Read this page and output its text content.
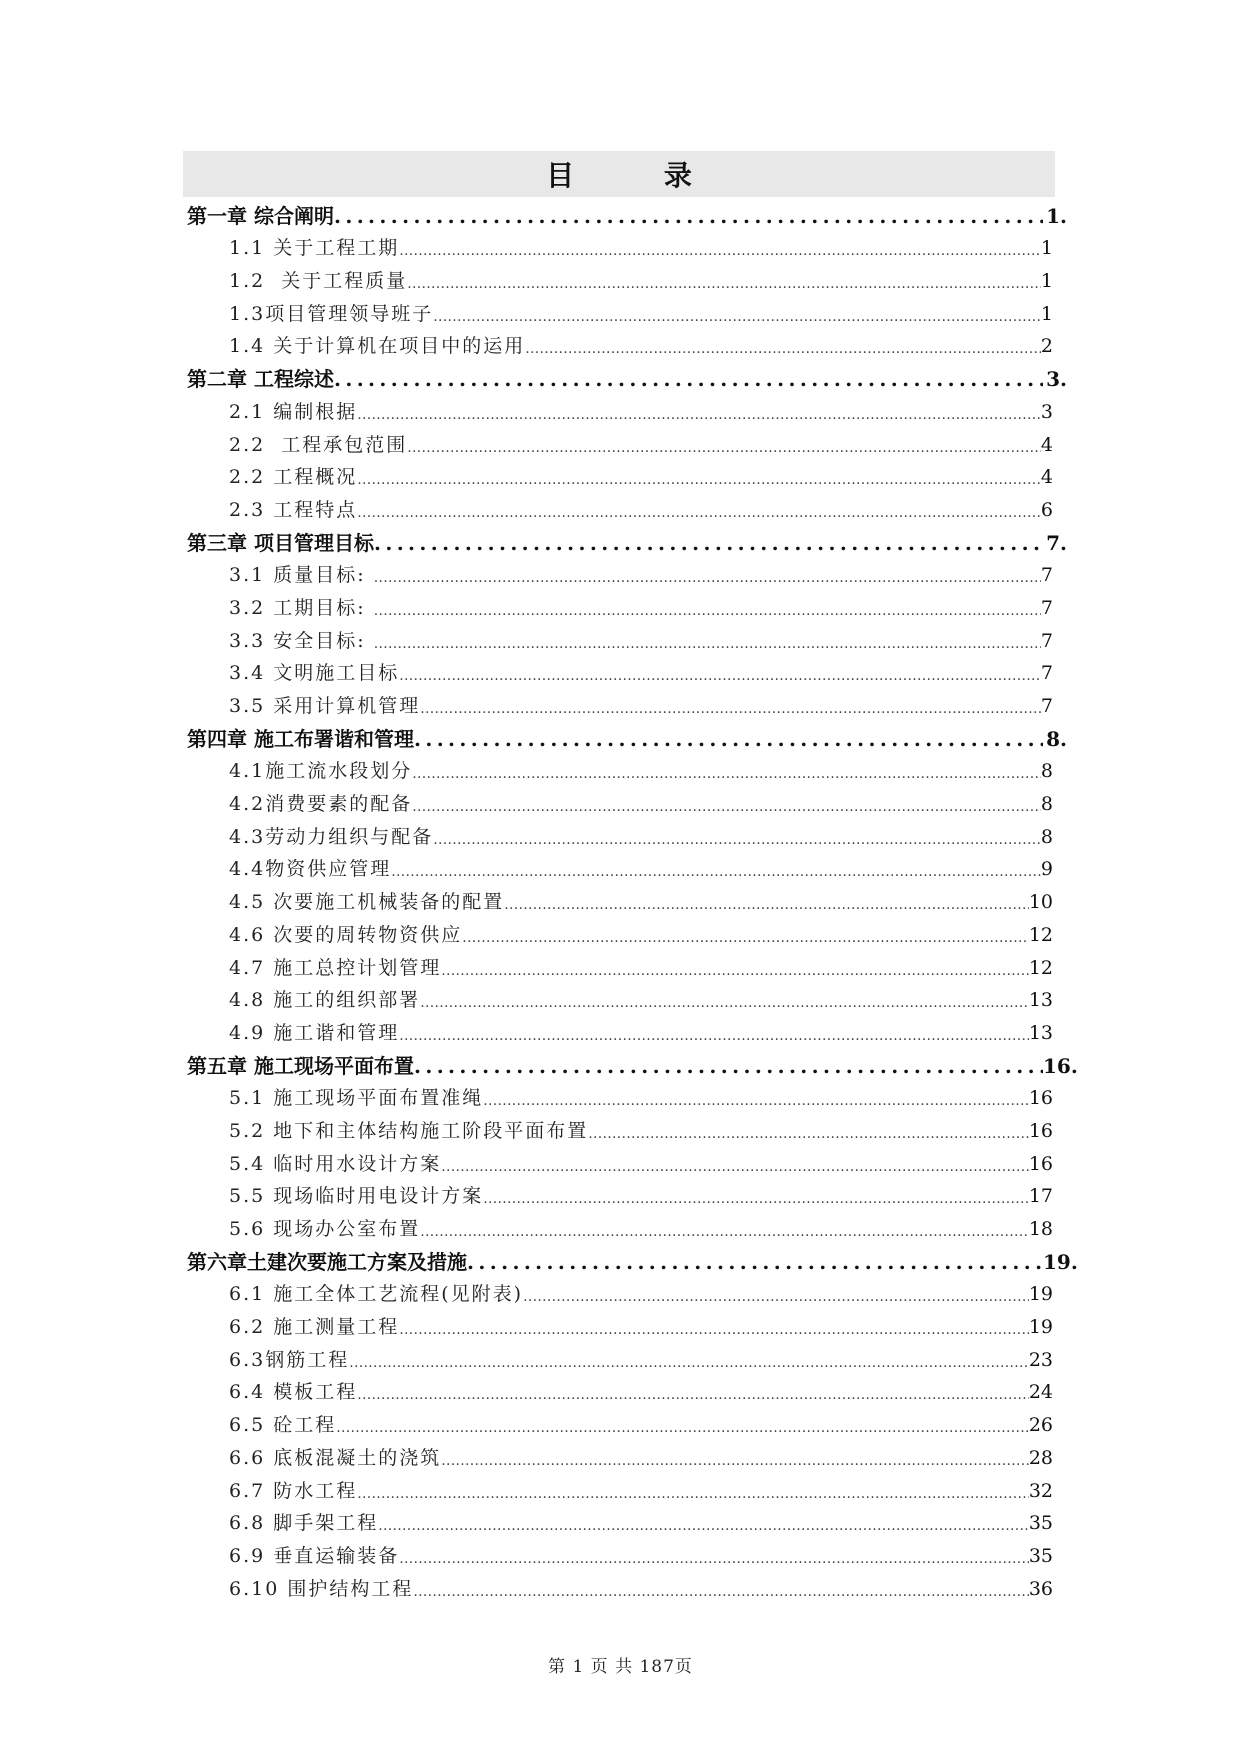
目 录
第一章 综合阐明 .....	1 .
1.1 关于工程工期 .....	1
1.2  关于工程质量 .....	1
1.3项目管理领导班子 .....	1
1.4 关于计算机在项目中的运用 .....	2
第二章 工程综述 .....	3 .
2.1 编制根据 .....	3
2.2  工程承包范围 .....	4
2.2 工程概况 .....	4
2.3 工程特点 .....	6
第三章 项目管理目标 .....	7 .
3.1 质量目标: .....	7
3.2 工期目标: .....	7
3.3 安全目标: .....	7
3.4 文明施工目标 .....	7
3.5 采用计算机管理 .....	7
第四章 施工布署谐和管理 .....	8 .
4.1施工流水段划分 .....	8
4.2消费要素的配备 .....	8
4.3劳动力组织与配备 .....	8
4.4物资供应管理 .....	9
4.5 次要施工机械装备的配置 .....	10
4.6 次要的周转物资供应 .....	12
4.7 施工总控计划管理 .....	12
4.8 施工的组织部署 .....	13
4.9 施工谐和管理 .....	13
第五章 施工现场平面布置 .....	16 .
5.1 施工现场平面布置准绳 .....	16
5.2 地下和主体结构施工阶段平面布置 .....	16
5.4 临时用水设计方案 .....	16
5.5 现场临时用电设计方案 .....	17
5.6 现场办公室布置 .....	18
第六章土建次要施工方案及措施 .....	19 .
6.1 施工全体工艺流程(见附表) .....	19
6.2 施工测量工程 .....	19
6.3钢筋工程 .....	23
6.4 模板工程 .....	24
6.5 砼工程 .....	26
6.6 底板混凝土的浇筑 .....	28
6.7 防水工程 .....	32
6.8 脚手架工程 .....	35
6.9 垂直运输装备 .....	35
6.10 围护结构工程 .....	36
第 1 页 共 187页
